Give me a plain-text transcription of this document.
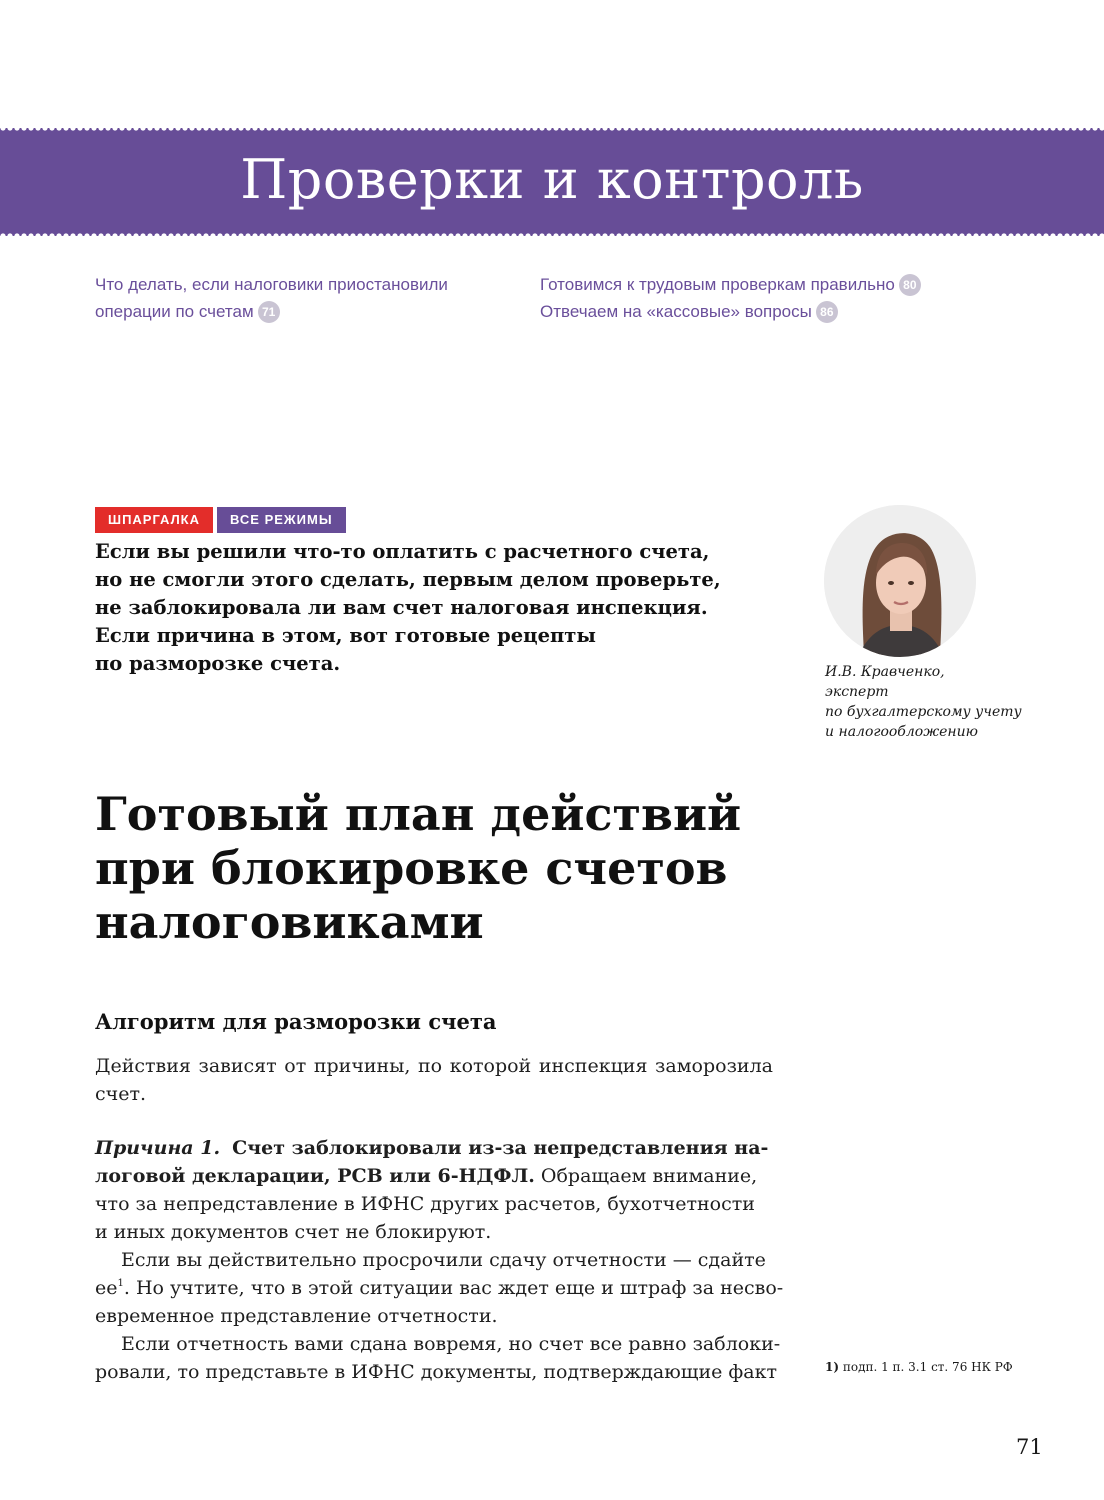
Проверки и контроль
Что делать, если налоговики приостановили
операции по счетам 71
Готовимся к трудовым проверкам правильно 80
Отвечаем на «кассовые» вопросы 86
ШПАРГАЛКА ВСЕ РЕЖИМЫ
Если вы решили что-то оплатить с расчетного счета,
но не смогли этого сделать, первым делом проверьте,
не заблокировала ли вам счет налоговая инспекция.
Если причина в этом, вот готовые рецепты
по разморозке счета.	И.В. Кравченко,
эксперт
по бухгалтерскому учету
и налогообложению
Готовый план действий
при блокировке счетов
налоговиками
Алгоритм для разморозки счета
Действия зависят от причины, по которой инспекция заморозила
счет.
Причина 1. Счет заблокировали из-за непредставления на-
логовой декларации, РСВ или 6-НДФЛ. Обращаем внимание,
что за непредставление в ИФНС других расчетов, бухотчетности
и иных документов счет не блокируют.
Если вы действительно просрочили сдачу отчетности — сдайте
$ее^1$. Но учтите, что в этой ситуации вас ждет еще и штраф за несво-
евременное представление отчетности.
Если отчетность вами сдана вовремя, но счет все равно заблоки-
ровали, то представьте в ИФНС документы, подтверждающие факт	1) подп. 1 п. 3.1 ст. 76 НК РФ
71
